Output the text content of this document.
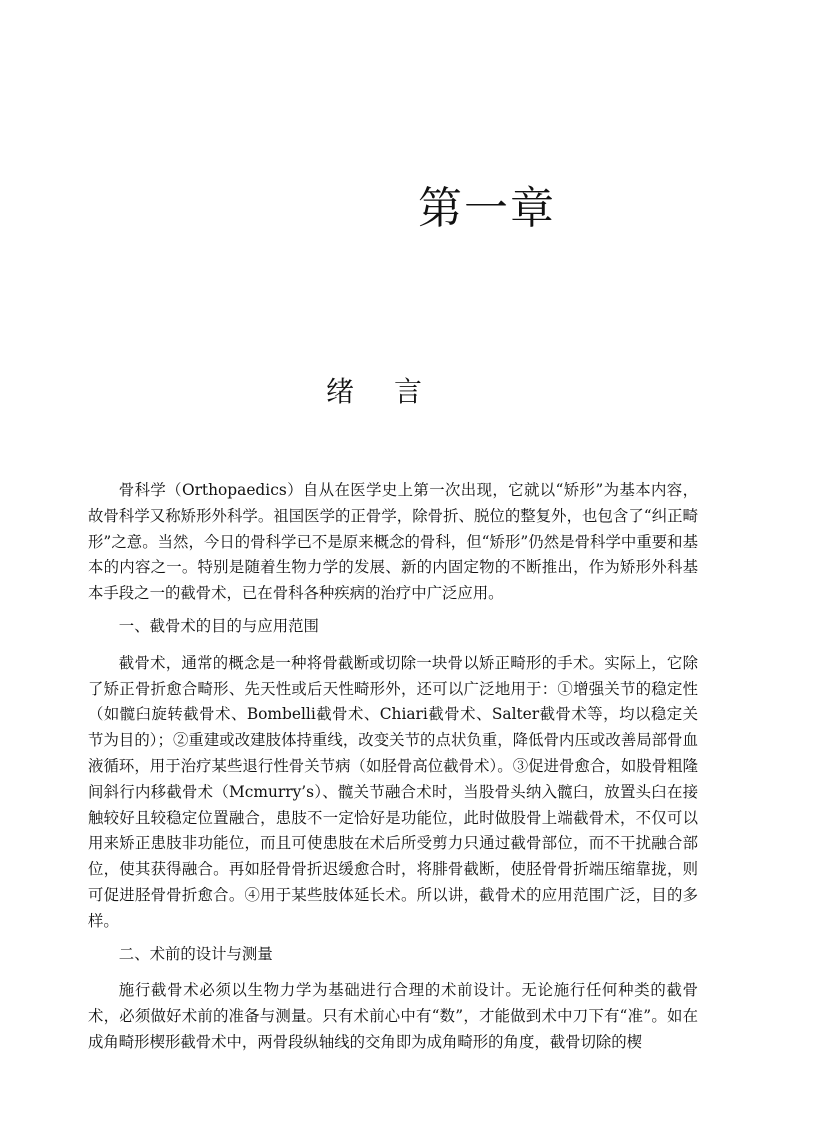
第一章
绪 言

骨科学（Orthopaedics）自从在医学史上第一次出现，它就以“矫形”为基本内容，故骨科学又称矫形外科学。祖国医学的正骨学，除骨折、脱位的整复外，也包含了“纠正畸形”之意。当然，今日的骨科学已不是原来概念的骨科，但“矫形”仍然是骨科学中重要和基本的内容之一。特别是随着生物力学的发展、新的内固定物的不断推出，作为矫形外科基本手段之一的截骨术，已在骨科各种疾病的治疗中广泛应用。

一、截骨术的目的与应用范围

截骨术，通常的概念是一种将骨截断或切除一块骨以矫正畸形的手术。实际上，它除了矫正骨折愈合畸形、先天性或后天性畸形外，还可以广泛地用于：①增强关节的稳定性（如髋臼旋转截骨术、Bombelli截骨术、Chiari截骨术、Salter截骨术等，均以稳定关节为目的）；②重建或改建肢体持重线，改变关节的点状负重，降低骨内压或改善局部骨血液循环，用于治疗某些退行性骨关节病（如胫骨高位截骨术）。③促进骨愈合，如股骨粗隆间斜行内移截骨术（Mcmurry’s）、髋关节融合术时，当股骨头纳入髋臼，放置头臼在接触较好且较稳定位置融合，患肢不一定恰好是功能位，此时做股骨上端截骨术，不仅可以用来矫正患肢非功能位，而且可使患肢在术后所受剪力只通过截骨部位，而不干扰融合部位，使其获得融合。再如胫骨骨折迟缓愈合时，将腓骨截断，使胫骨骨折端压缩靠拢，则可促进胫骨骨折愈合。④用于某些肢体延长术。所以讲，截骨术的应用范围广泛，目的多样。

二、术前的设计与测量

施行截骨术必须以生物力学为基础进行合理的术前设计。无论施行任何种类的截骨术，必须做好术前的准备与测量。只有术前心中有“数”，才能做到术中刀下有“准”。如在成角畸形楔形截骨术中，两骨段纵轴线的交角即为成角畸形的角度，截骨切除的楔
